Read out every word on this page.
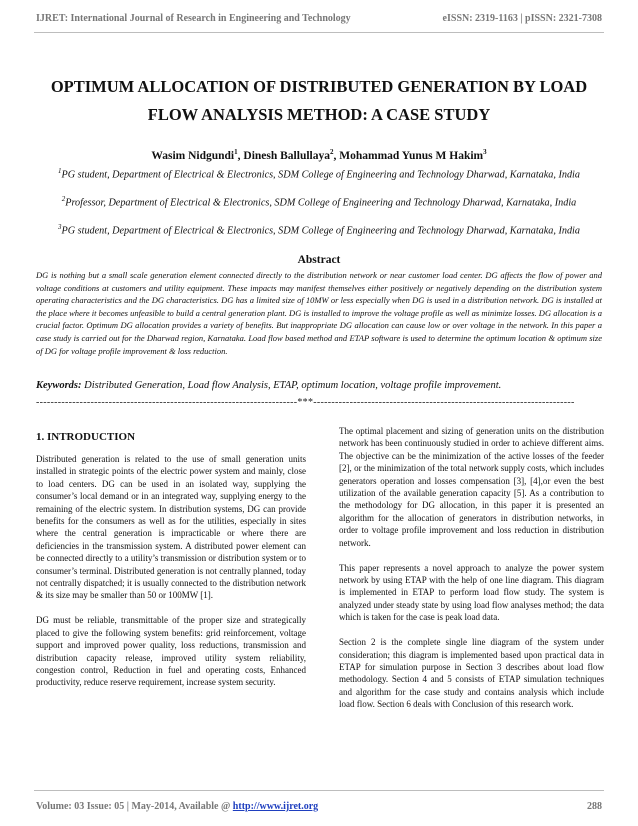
IJRET: International Journal of Research in Engineering and Technology	eISSN: 2319-1163 | pISSN: 2321-7308
OPTIMUM ALLOCATION OF DISTRIBUTED GENERATION BY LOAD FLOW ANALYSIS METHOD: A CASE STUDY
Wasim Nidgundi$^1$, Dinesh Ballullaya$^2$, Mohammad Yunus M Hakim$^3$

$^1$PG student, Department of Electrical & Electronics, SDM College of Engineering and Technology Dharwad, Karnataka, India

$^2$Professor, Department of Electrical & Electronics, SDM College of Engineering and Technology Dharwad, Karnataka, India

$^3$PG student, Department of Electrical & Electronics, SDM College of Engineering and Technology Dharwad, Karnataka, India

Abstract

DG is nothing but a small scale generation element connected directly to the distribution network or near customer load center. DG affects the flow of power and voltage conditions at customers and utility equipment. These impacts may manifest themselves either positively or negatively depending on the distribution system operating characteristics and the DG characteristics. DG has a limited size of 10MW or less especially when DG is used in a distribution network. DG is installed at the place where it becomes unfeasible to build a central generation plant. DG is installed to improve the voltage profile as well as minimize losses. DG allocation is a crucial factor. Optimum DG allocation provides a variety of benefits. But inappropriate DG allocation can cause low or over voltage in the network. In this paper a case study is carried out for the Dharwad region, Karnataka. Load flow based method and ETAP software is used to determine the optimum location & optimum size of DG for voltage profile improvement & loss reduction.

Keywords: Distributed Generation, Load flow Analysis, ETAP, optimum location, voltage profile improvement.
------------------------------------------------------------------------***------------------------------------------------------------------------
1. INTRODUCTION

Distributed generation is related to the use of small generation units installed in strategic points of the electric power system and mainly, close to load centers. DG can be used in an isolated way, supplying the consumer’s local demand or in an integrated way, supplying energy to the remaining of the electric system. In distribution systems, DG can provide benefits for the consumers as well as for the utilities, especially in sites where the central generation is impracticable or where there are deficiencies in the transmission system. A distributed power element can be connected directly to a utility’s transmission or distribution system or to consumer’s terminal. Distributed generation is not centrally planned, today not centrally dispatched; it is usually connected to the distribution network & its size may be smaller than 50 or 100MW [1].

DG must be reliable, transmittable of the proper size and strategically placed to give the following system benefits: grid reinforcement, voltage support and improved power quality, loss reductions, transmission and distribution capacity release, improved utility system reliability, congestion control, Reduction in fuel and operating costs, Enhanced productivity, reduce reserve requirement, increase system security.

The optimal placement and sizing of generation units on the distribution network has been continuously studied in order to achieve different aims. The objective can be the minimization of the active losses of the feeder [2], or the minimization of the total network supply costs, which includes generators operation and losses compensation [3], [4],or even the best utilization of the available generation capacity [5]. As a contribution to the methodology for DG allocation, in this paper it is presented an algorithm for the allocation of generators in distribution networks, in order to voltage profile improvement and loss reduction in distribution network.

This paper represents a novel approach to analyze the power system network by using ETAP with the help of one line diagram. This diagram is implemented in ETAP to perform load flow study. The system is analyzed under steady state by using load flow analyses method; the data which is taken for the case is peak load data.

Section 2 is the complete single line diagram of the system under consideration; this diagram is implemented based upon practical data in ETAP for simulation purpose in Section 3 describes about load flow methodology. Section 4 and 5 consists of ETAP simulation techniques and algorithm for the case study and contains analysis which include load flow. Section 6 deals with Conclusion of this research work.

Volume: 03 Issue: 05 | May-2014, Available @ http://www.ijret.org	288
